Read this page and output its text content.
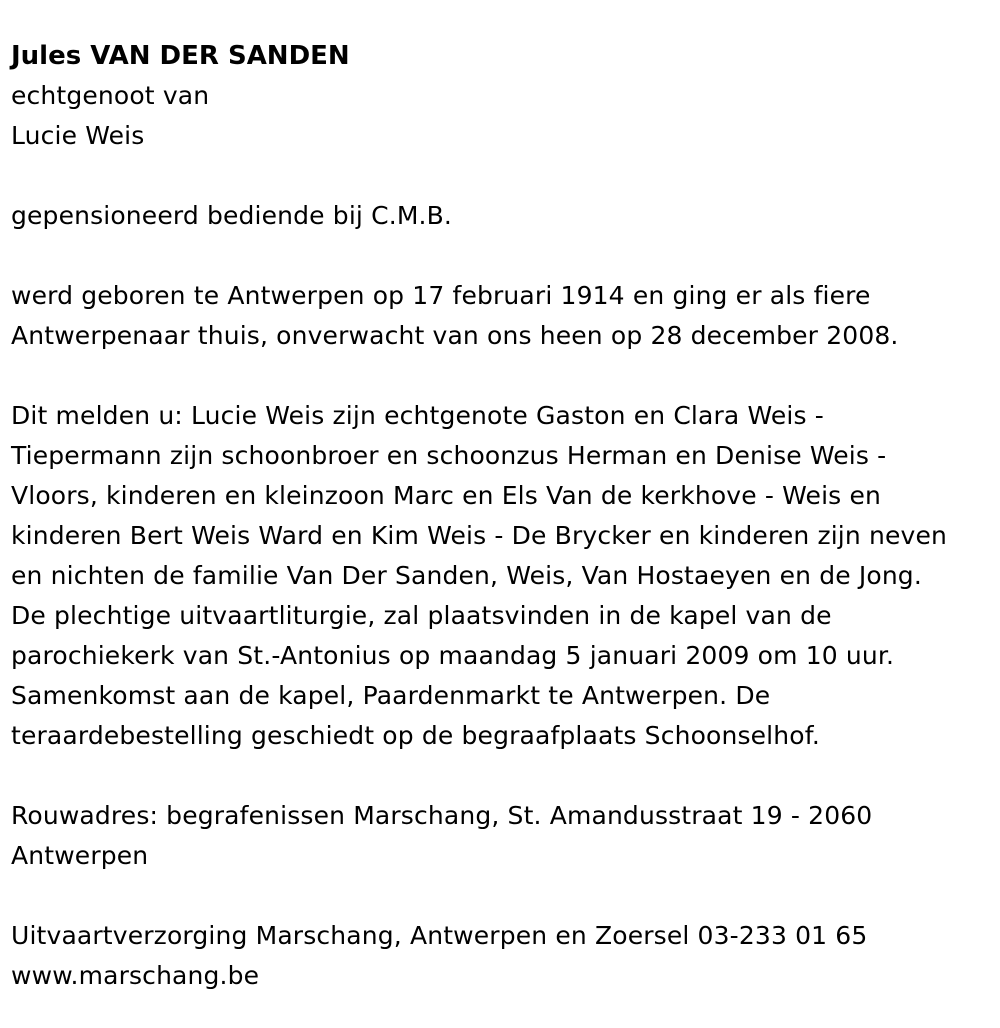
Jules VAN DER SANDEN
echtgenoot van
Lucie Weis
gepensioneerd bediende bij C.M.B.
werd geboren te Antwerpen op 17 februari 1914 en ging er als fiere
Antwerpenaar thuis, onverwacht van ons heen op 28 december 2008.
Dit melden u: Lucie Weis zijn echtgenote Gaston en Clara Weis -
Tiepermann zijn schoonbroer en schoonzus Herman en Denise Weis -
Vloors, kinderen en kleinzoon Marc en Els Van de kerkhove - Weis en
kinderen Bert Weis Ward en Kim Weis - De Brycker en kinderen zijn neven
en nichten de familie Van Der Sanden, Weis, Van Hostaeyen en de Jong.
De plechtige uitvaartliturgie, zal plaatsvinden in de kapel van de
parochiekerk van St.-Antonius op maandag 5 januari 2009 om 10 uur.
Samenkomst aan de kapel, Paardenmarkt te Antwerpen. De
teraardebestelling geschiedt op de begraafplaats Schoonselhof.
Rouwadres: begrafenissen Marschang, St. Amandusstraat 19 - 2060
Antwerpen
Uitvaartverzorging Marschang, Antwerpen en Zoersel 03-233 01 65
www.marschang.be
